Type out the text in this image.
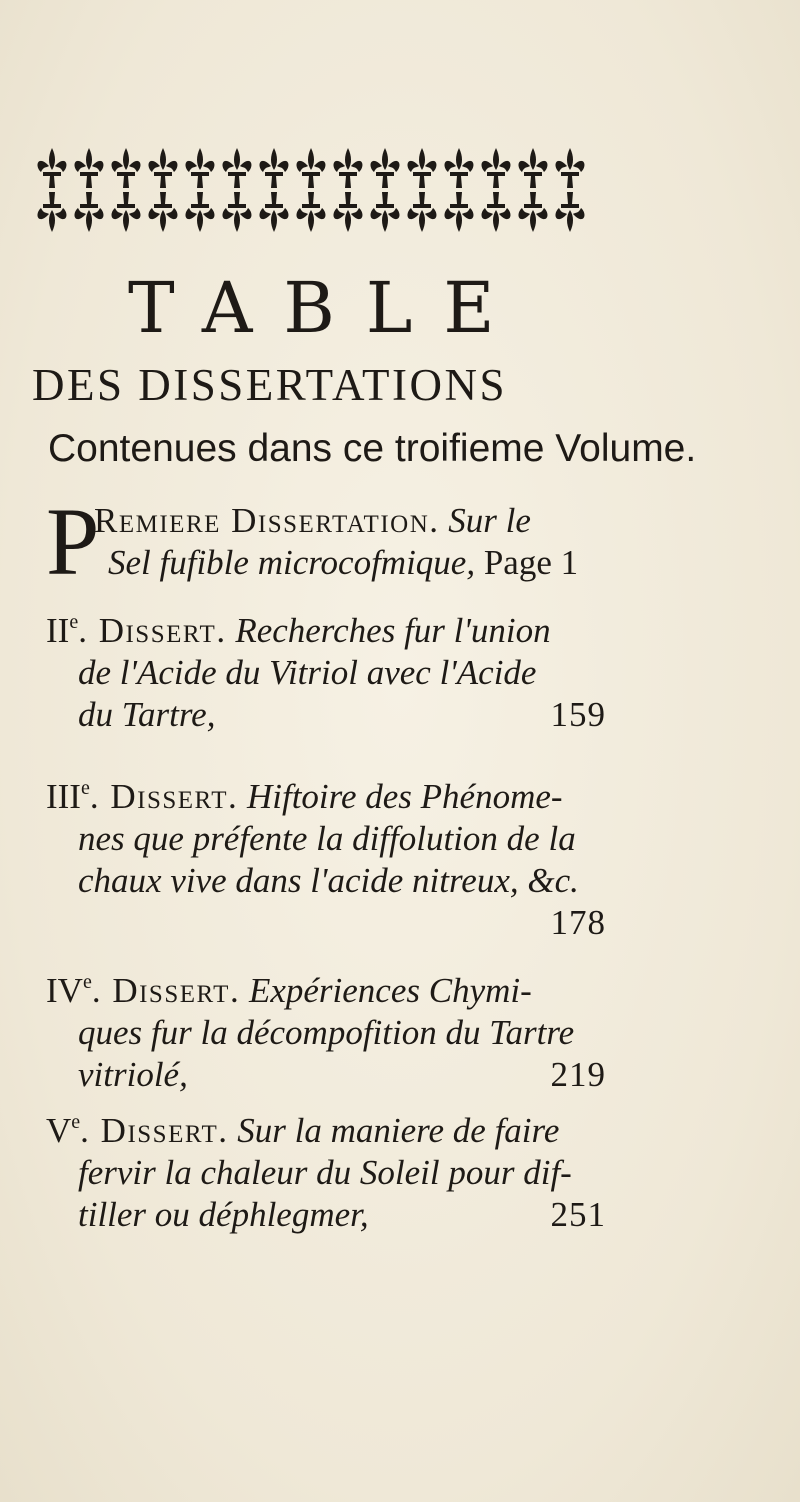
TABLE
DES DISSERTATIONS
Contenues dans ce troifieme Volume.
P
Remiere Dissertation. Sur le
Sel fufible microcofmique, Page 1
IIe. Dissert. Recherches fur l'union
de l'Acide du Vitriol avec l'Acide
du Tartre,	159
IIIe. Dissert. Hiftoire des Phénome-
nes que préfente la diffolution de la
chaux vive dans l'acide nitreux, &c.
178
IVe. Dissert. Expériences Chymi-
ques fur la décompofition du Tartre
vitriolé,	219
Ve. Dissert. Sur la maniere de faire
fervir la chaleur du Soleil pour dif-
tiller ou déphlegmer,	251
